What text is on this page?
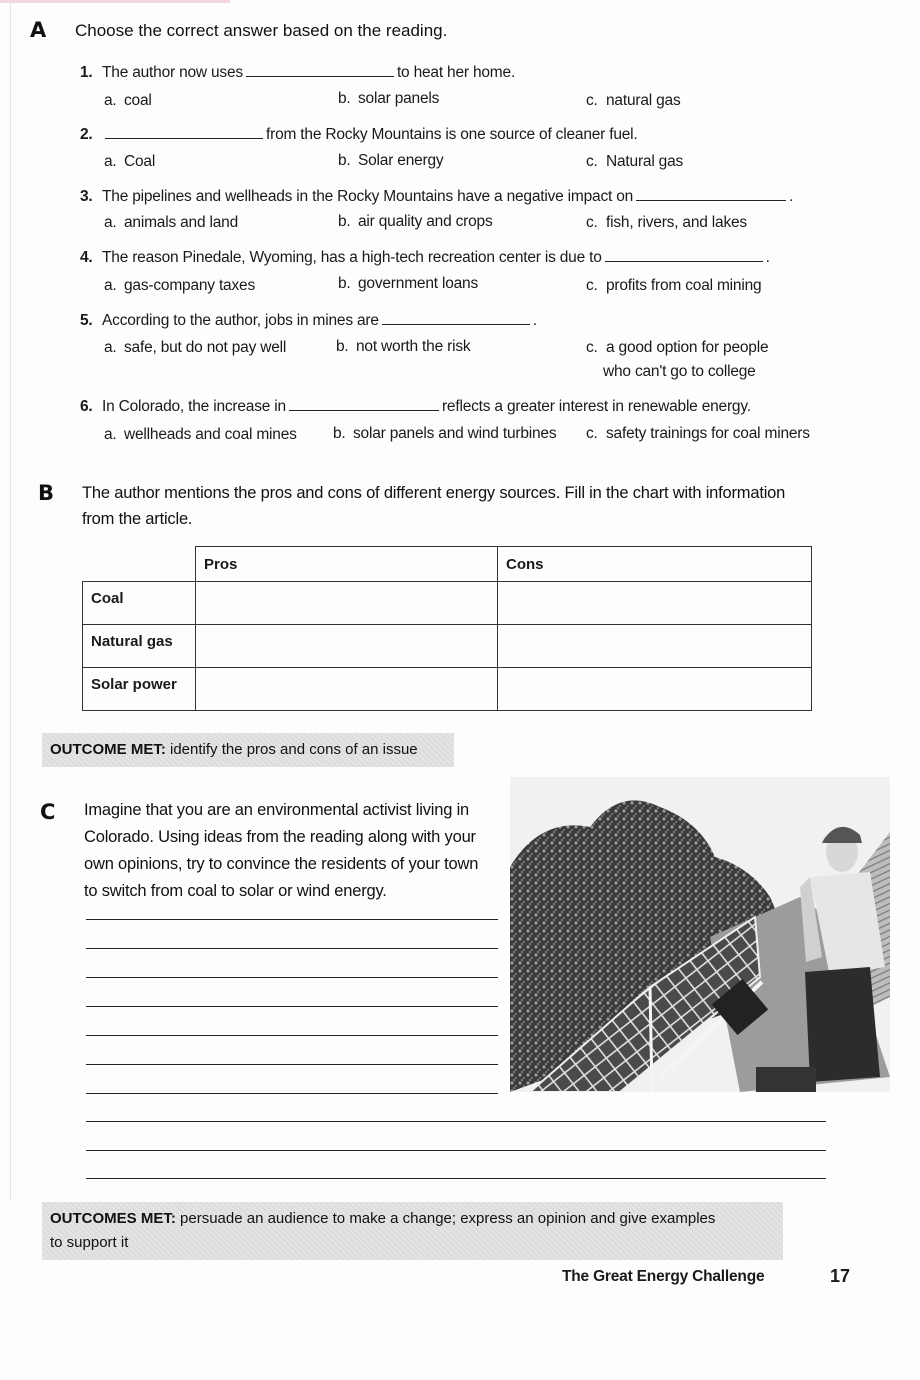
A Choose the correct answer based on the reading.
1. The author now uses	to heat her home.
a. coal	b. solar panels	c. natural gas
2.	from the Rocky Mountains is one source of cleaner fuel.
a. Coal	b. Solar energy	c. Natural gas
3. The pipelines and wellheads in the Rocky Mountains have a negative impact on	.
a. animals and land	b. air quality and crops	c. fish, rivers, and lakes
4. The reason Pinedale, Wyoming, has a high-tech recreation center is due to	.
a. gas-company taxes	b. government loans	c. profits from coal mining
5. According to the author, jobs in mines are	.
a. safe, but do not pay well	b. not worth the risk	c. a good option for people
who can't go to college
6. In Colorado, the increase in	reflects a greater interest in renewable energy.
a. wellheads and coal mines b. solar panels and wind turbines c. safety trainings for coal miners
B The author mentions the pros and cons of different energy sources. Fill in the chart with information
from the article.
	Pros	Cons
Coal		
Natural gas		
Solar power		
OUTCOME MET: identify the pros and cons of an issue
C Imagine that you are an environmental activist living in
Colorado. Using ideas from the reading along with your
own opinions, try to convince the residents of your town
to switch from coal to solar or wind energy.
OUTCOMES MET: persuade an audience to make a change; express an opinion and give examples
to support it
The Great Energy Challenge	17
